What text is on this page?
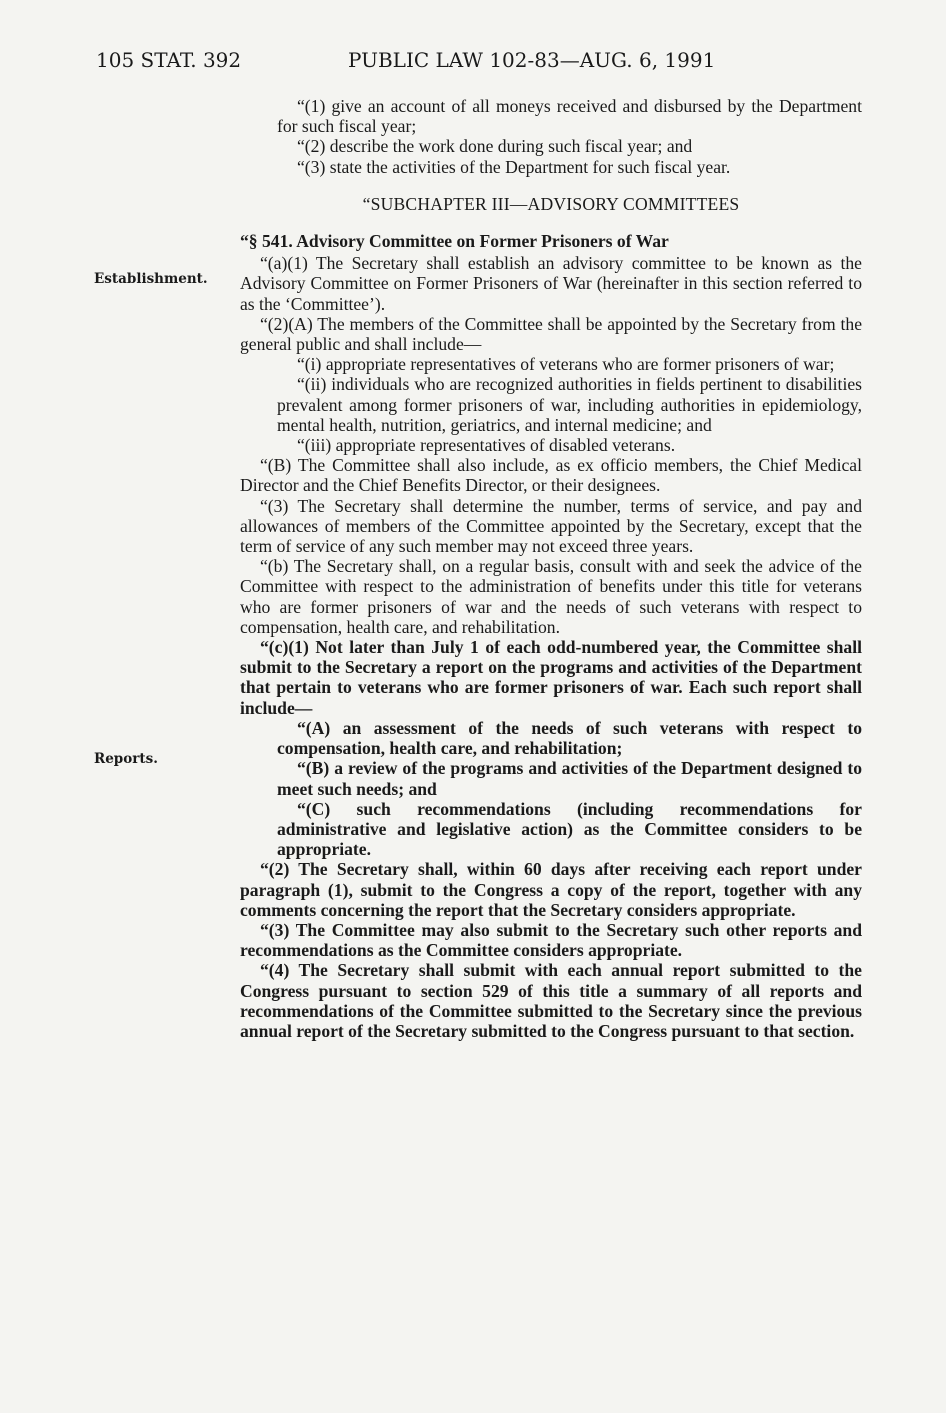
105 STAT. 392	PUBLIC LAW 102-83—AUG. 6, 1991
Establishment.
Reports.

“(1) give an account of all moneys received and disbursed by the Department for such fiscal year;

“(2) describe the work done during such fiscal year; and

“(3) state the activities of the Department for such fiscal year.

“SUBCHAPTER III—ADVISORY COMMITTEES

“§ 541. Advisory Committee on Former Prisoners of War

“(a)(1) The Secretary shall establish an advisory committee to be known as the Advisory Committee on Former Prisoners of War (hereinafter in this section referred to as the ‘Committee’).

“(2)(A) The members of the Committee shall be appointed by the Secretary from the general public and shall include—

“(i) appropriate representatives of veterans who are former prisoners of war;

“(ii) individuals who are recognized authorities in fields pertinent to disabilities prevalent among former prisoners of war, including authorities in epidemiology, mental health, nutrition, geriatrics, and internal medicine; and

“(iii) appropriate representatives of disabled veterans.

“(B) The Committee shall also include, as ex officio members, the Chief Medical Director and the Chief Benefits Director, or their designees.

“(3) The Secretary shall determine the number, terms of service, and pay and allowances of members of the Committee appointed by the Secretary, except that the term of service of any such member may not exceed three years.

“(b) The Secretary shall, on a regular basis, consult with and seek the advice of the Committee with respect to the administration of benefits under this title for veterans who are former prisoners of war and the needs of such veterans with respect to compensation, health care, and rehabilitation.

“(c)(1) Not later than July 1 of each odd-numbered year, the Committee shall submit to the Secretary a report on the programs and activities of the Department that pertain to veterans who are former prisoners of war. Each such report shall include—

“(A) an assessment of the needs of such veterans with respect to compensation, health care, and rehabilitation;

“(B) a review of the programs and activities of the Department designed to meet such needs; and

“(C) such recommendations (including recommendations for administrative and legislative action) as the Committee considers to be appropriate.

“(2) The Secretary shall, within 60 days after receiving each report under paragraph (1), submit to the Congress a copy of the report, together with any comments concerning the report that the Secretary considers appropriate.

“(3) The Committee may also submit to the Secretary such other reports and recommendations as the Committee considers appropriate.

“(4) The Secretary shall submit with each annual report submitted to the Congress pursuant to section 529 of this title a summary of all reports and recommendations of the Committee submitted to the Secretary since the previous annual report of the Secretary submitted to the Congress pursuant to that section.
